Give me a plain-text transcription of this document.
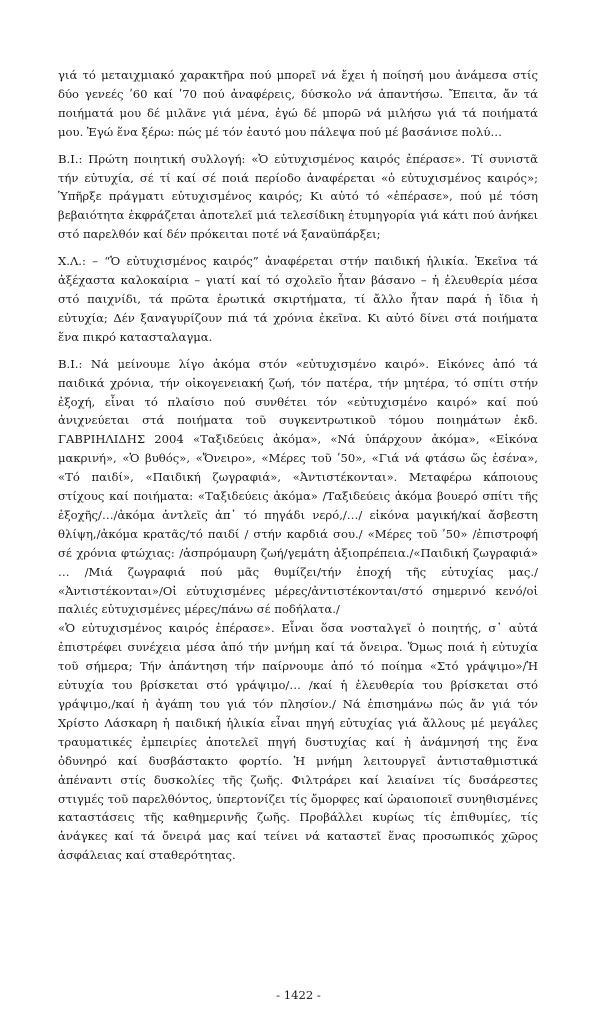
γιά τό μεταιχμιακό χαρακτῆρα πού μπορεῖ νά ἔχει ἡ ποίησή μου ἀνάμεσα στίς δύο γενεές ʹ60 καί ʹ70 πού ἀναφέρεις, δύσκολο νά ἀπαντήσω. Ἔπειτα, ἄν τά ποιήματά μου δέ μιλᾶνε γιά μένα, ἐγώ δέ μπορῶ νά μιλήσω γιά τά ποιήματά μου. Ἐγώ ἕνα ξέρω: πώς μέ τόν ἑαυτό μου πάλεψα πού μέ βασάνισε πολύ…

Β.Ι.: Πρώτη ποιητική συλλογή: «Ὁ εὐτυχισμένος καιρός ἐπέρασε». Τί συνιστᾶ τήν εὐτυχία, σέ τί καί σέ ποιά περίοδο ἀναφέρεται «ὁ εὐτυχισμένος καιρός»; Ὑπῆρξε πράγματι εὐτυχισμένος καιρός; Κι αὐτό τό «ἐπέρασε», πού μέ τόση βεβαιότητα ἐκφράζεται ἀποτελεῖ μιά τελεσίδικη ἐτυμηγορία γιά κάτι πού ἀνήκει στό παρελθόν καί δέν πρόκειται ποτέ νά ξαναϋπάρξει;

Χ.Λ.: – “Ὁ εὐτυχισμένος καιρός” ἀναφέρεται στήν παιδική ἡλικία. Ἐκεῖνα τά ἀξέχαστα καλοκαίρια – γιατί καί τό σχολεῖο ἦταν βάσανο – ἡ ἐλευθερία μέσα στό παιχνίδι, τά πρῶτα ἐρωτικά σκιρτήματα, τί ἄλλο ἦταν παρά ἡ ἴδια ἡ εὐτυχία; Δέν ξαναγυρίζουν πιά τά χρόνια ἐκεῖνα. Κι αὐτό δίνει στά ποιήματα ἕνα πικρό κατασταλαγμα.

Β.Ι.: Νά μείνουμε λίγο ἀκόμα στόν «εὐτυχισμένο καιρό». Εἰκόνες ἀπό τά παιδικά χρόνια, τήν οἰκογενειακή ζωή, τόν πατέρα, τήν μητέρα, τό σπίτι στήν ἐξοχή, εἶναι τό πλαίσιο πού συνθέτει τόν «εὐτυχισμένο καιρό» καί πού ἀνιχνεύεται στά ποιήματα τοῦ συγκεντρωτικοῦ τόμου ποιημάτων ἐκδ. ΓΑΒΡΙΗΛΙΔΗΣ 2004 «Ταξιδεύεις ἀκόμα», «Νά ὑπάρχουν ἀκόμα», «Εἰκόνα μακρινή», «Ὁ βυθός», «Ὄνειρο», «Μέρες τοῦ ʹ50», «Γιά νά φτάσω ὥς ἐσένα», «Τό παιδί», «Παιδική ζωγραφιά», «Ἀντιστέκονται». Μεταφέρω κάποιους στίχους καί ποιήματα: «Ταξιδεύεις ἀκόμα» /Ταξιδεύεις ἀκόμα βουερό σπίτι τῆς ἐξοχῆς/…/ἀκόμα ἀντλεῖς ἀπ᾿ τό πηγάδι νερό,/…/ εἰκόνα μαγική/καί ἄσβεστη θλίψη,/ἀκόμα κρατᾶς/τό παιδί / στήν καρδιά σου./ «Μέρες τοῦ ʹ50» /ἐπιστροφή σέ χρόνια φτώχιας: /ἀσπρόμαυρη ζωή/γεμάτη ἀξιοπρέπεια./«Παιδική ζωγραφιά» … /Μιά ζωγραφιά πού μᾶς θυμίζει/τήν ἐποχή τῆς εὐτυχίας μας./ «Ἀντιστέκονται»/Οἱ εὐτυχισμένες μέρες/ἀντιστέκονται/στό σημερινό κενό/οἱ παλιές εὐτυχισμένες μέρες/πάνω σέ ποδήλατα./

«Ὁ εὐτυχισμένος καιρός ἐπέρασε». Εἶναι ὅσα νοσταλγεῖ ὁ ποιητής, σ᾿ αὐτά ἐπιστρέφει συνέχεια μέσα ἀπό τήν μνήμη καί τά ὄνειρα. Ὅμως ποιά ἡ εὐτυχία τοῦ σήμερα; Τήν ἀπάντηση τήν παίρνουμε ἀπό τό ποίημα «Στό γράψιμο»/Ἡ εὐτυχία του βρίσκεται στό γράψιμο/… /καί ἡ ἐλευθερία του βρίσκεται στό γράψιμο,/καί ἡ ἀγάπη του γιά τόν πλησίον./ Νά ἐπισημάνω πώς ἄν γιά τόν Χρίστο Λάσκαρη ἡ παιδική ἡλικία εἶναι πηγή εὐτυχίας γιά ἄλλους μέ μεγάλες τραυματικές ἐμπειρίες ἀποτελεῖ πηγή δυστυχίας καί ἡ ἀνάμνησή της ἕνα ὀδυνηρό καί δυσβάστακτο φορτίο. Ἡ μνήμη λειτουργεῖ ἀντισταθμιστικά ἀπέναντι στίς δυσκολίες τῆς ζωῆς. Φιλτράρει καί λειαίνει τίς δυσάρεστες στιγμές τοῦ παρελθόντος, ὑπερτονίζει τίς ὄμορφες καί ὡραιοποιεῖ συνηθισμένες καταστάσεις τῆς καθημερινῆς ζωῆς. Προβάλλει κυρίως τίς ἐπιθυμίες, τίς ἀνάγκες καί τά ὄνειρά μας καί τείνει νά καταστεῖ ἕνας προσωπικός χῶρος ἀσφάλειας καί σταθερότητας.

- 1422 -
